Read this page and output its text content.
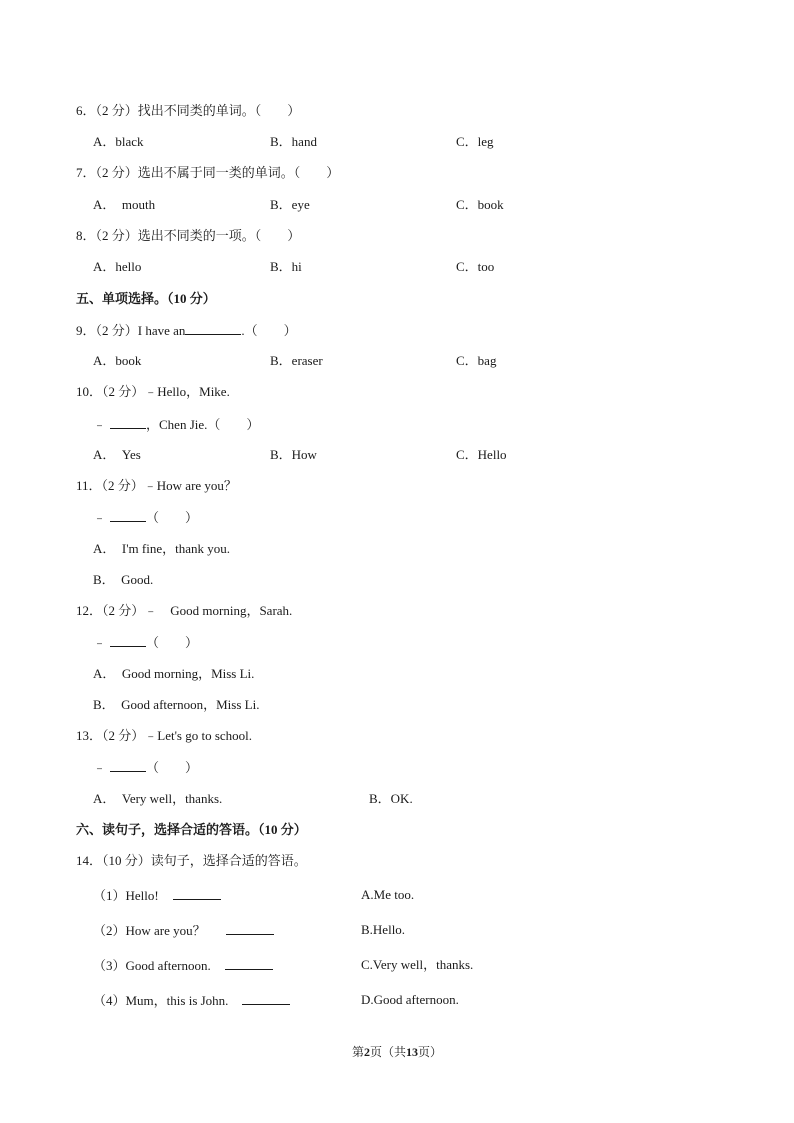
6．（2 分）找出不同类的单词。（　　）
A．black	B．hand	C．leg
7．（2 分）选出不属于同一类的单词。（　　）
A．　mouth	B．eye	C．book
8．（2 分）选出不同类的一项。（　　）
A．hello	B．hi	C．too
五、单项选择。（10 分）
9．（2 分）I have an	.（　　）
A．book	B．eraser	C．bag
10．（2 分）﹣Hello，Mike.
﹣	，Chen Jie.（　　）
A．　Yes	B．How	C．Hello
11．（2 分）﹣How are you？
﹣	（　　）
A．　I'm fine，thank you.
B．　Good.
12．（2 分）﹣　Good morning，Sarah.
﹣	（　　）
A．　Good morning，Miss Li.
B．　Good afternoon，Miss Li.
13．（2 分）﹣Let's go to school.
﹣	（　　）
A．　Very well，thanks.	B．OK.
六、读句子，选择合适的答语。（10 分）
14．（10 分）读句子，选择合适的答语。
（1）Hello!	A.Me too.
（2）How are you？	B.Hello.
（3）Good afternoon.	C.Very well，thanks.
（4）Mum，this is John.	D.Good afternoon.
第2页（共13页）
